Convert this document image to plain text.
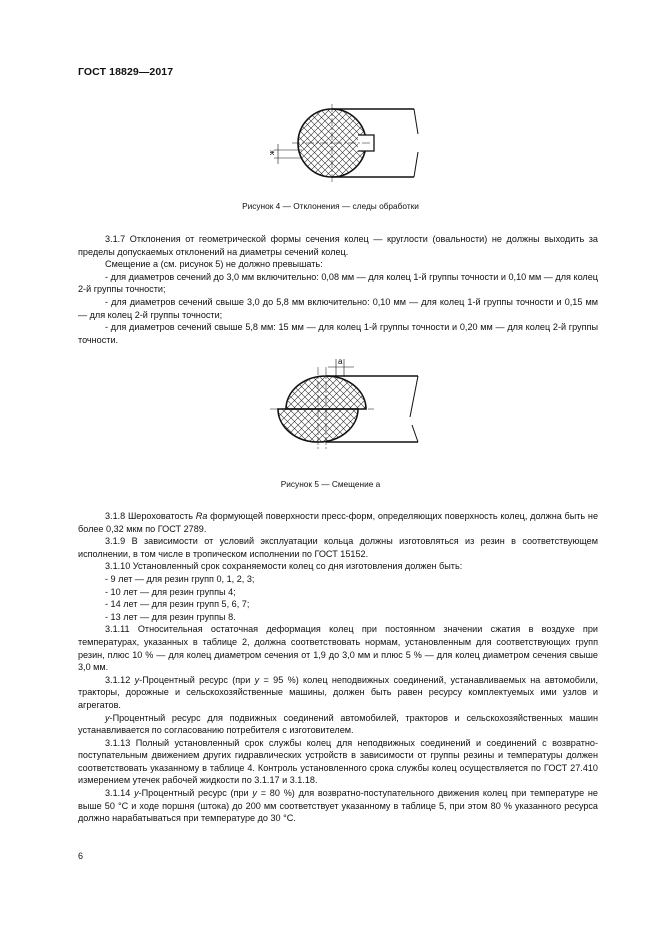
ГОСТ 18829—2017
ж
Рисунок 4 — Отклонения — следы обработки

3.1.7 Отклонения от геометрической формы сечения колец — круглости (овальности) не должны выходить за пределы допускаемых отклонений на диаметры сечений колец.

Смещение а (см. рисунок 5) не должно превышать:

- для диаметров сечений до 3,0 мм включительно: 0,08 мм — для колец 1-й группы точности и 0,10 мм — для колец 2-й группы точности;

- для диаметров сечений свыше 3,0 до 5,8 мм включительно: 0,10 мм — для колец 1-й группы точности и 0,15 мм — для колец 2-й группы точности;

- для диаметров сечений свыше 5,8 мм: 15 мм — для колец 1-й группы точности и 0,20 мм — для колец 2-й группы точности.

а
Рисунок 5 — Смещение а

3.1.8 Шероховатость Ra формующей поверхности пресс-форм, определяющих поверхность колец, должна быть не более 0,32 мкм по ГОСТ 2789.

3.1.9 В зависимости от условий эксплуатации кольца должны изготовляться из резин в соответствующем исполнении, в том числе в тропическом исполнении по ГОСТ 15152.

3.1.10 Установленный срок сохраняемости колец со дня изготовления должен быть:

- 9 лет — для резин групп 0, 1, 2, 3;

- 10 лет — для резин группы 4;

- 14 лет — для резин групп 5, 6, 7;

- 13 лет — для резин группы 8.

3.1.11 Относительная остаточная деформация колец при постоянном значении сжатия в воздухе при температурах, указанных в таблице 2, должна соответствовать нормам, установленным для соответствующих групп резин, плюс 10 % — для колец диаметром сечения от 1,9 до 3,0 мм и плюс 5 % — для колец диаметром сечения свыше 3,0 мм.

3.1.12 у-Процентный ресурс (при у = 95 %) колец неподвижных соединений, устанавливаемых на автомобили, тракторы, дорожные и сельскохозяйственные машины, должен быть равен ресурсу комплектуемых ими узлов и агрегатов.

у-Процентный ресурс для подвижных соединений автомобилей, тракторов и сельскохозяйственных машин устанавливается по согласованию потребителя с изготовителем.

3.1.13 Полный установленный срок службы колец для неподвижных соединений и соединений с возвратно-поступательным движением других гидравлических устройств в зависимости от группы резины и температуры должен соответствовать указанному в таблице 4. Контроль установленного срока службы колец осуществляется по ГОСТ 27.410 измерением утечек рабочей жидкости по 3.1.17 и 3.1.18.

3.1.14 у-Процентный ресурс (при у = 80 %) для возвратно-поступательного движения колец при температуре не выше 50 °С и ходе поршня (штока) до 200 мм соответствует указанному в таблице 5, при этом 80 % указанного ресурса должно нарабатываться при температуре до 30 °С.

6
